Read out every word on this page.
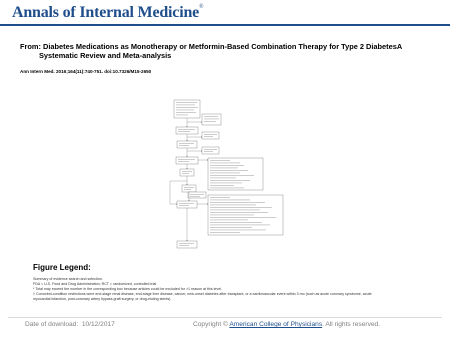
Annals of Internal Medicine®
From: Diabetes Medications as Monotherapy or Metformin-Based Combination Therapy for Type 2 DiabetesA
Systematic Review and Meta-analysis
Ann Intern Med. 2016;164(11):740-751. doi:10.7326/M15-2650
Figure Legend:
Summary of evidence search and selection.
FDA = U.S. Food and Drug Administration; RCT = randomized, controlled trial.
* Total may exceed the number in the corresponding box because articles could be excluded for >1 reason at this level.
† Comorbid-condition restrictions were end-stage renal disease, end-stage liver disease, cancer, new-onset diabetes after transplant, or a cardiovascular event within 3 mo (such as acute coronary syndrome, acute
myocardial infarction, post-coronary artery bypass graft surgery, or drug-eluting stents).
Date of download: 10/12/2017	Copyright © American College of Physicians. All rights reserved.
